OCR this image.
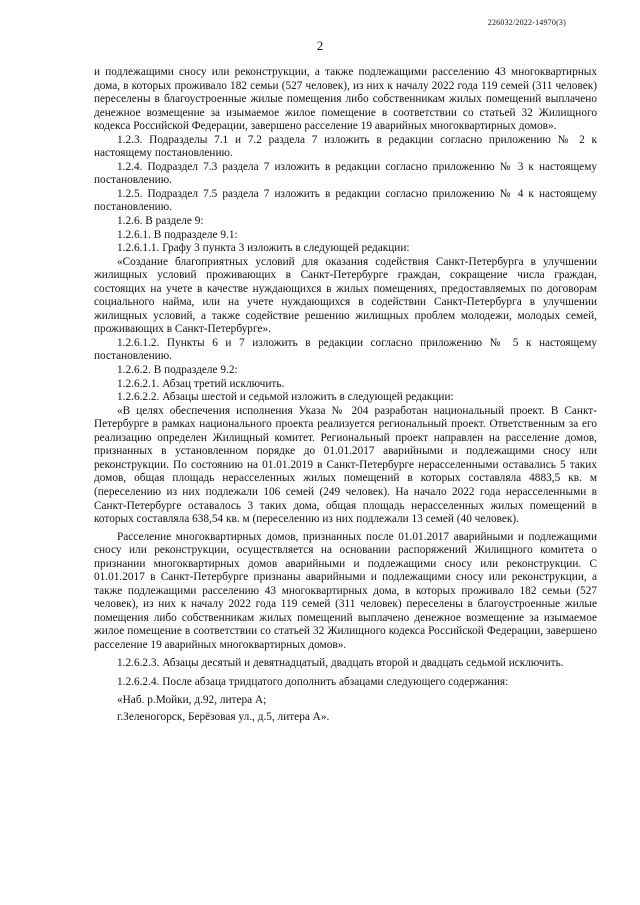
226032/2022-14970(3)
2

и подлежащими сносу или реконструкции, а также подлежащими расселению 43 многоквартирных дома, в которых проживало 182 семьи (527 человек), из них к началу 2022 года 119 семей (311 человек) переселены в благоустроенные жилые помещения либо собственникам жилых помещений выплачено денежное возмещение за изымаемое жилое помещение в соответствии со статьей 32 Жилищного кодекса Российской Федерации, завершено расселение 19 аварийных многоквартирных домов».

1.2.3. Подразделы 7.1 и 7.2 раздела 7 изложить в редакции согласно приложению № 2 к настоящему постановлению.

1.2.4. Подраздел 7.3 раздела 7 изложить в редакции согласно приложению № 3 к настоящему постановлению.

1.2.5. Подраздел 7.5 раздела 7 изложить в редакции согласно приложению № 4 к настоящему постановлению.

1.2.6. В разделе 9:

1.2.6.1. В подразделе 9.1:

1.2.6.1.1. Графу 3 пункта 3 изложить в следующей редакции:

«Создание благоприятных условий для оказания содействия Санкт-Петербурга в улучшении жилищных условий проживающих в Санкт-Петербурге граждан, сокращение числа граждан, состоящих на учете в качестве нуждающихся в жилых помещениях, предоставляемых по договорам социального найма, или на учете нуждающихся в содействии Санкт-Петербурга в улучшении жилищных условий, а также содействие решению жилищных проблем молодежи, молодых семей, проживающих в Санкт-Петербурге».

1.2.6.1.2. Пункты 6 и 7 изложить в редакции согласно приложению № 5 к настоящему постановлению.

1.2.6.2. В подразделе 9.2:

1.2.6.2.1. Абзац третий исключить.

1.2.6.2.2. Абзацы шестой и седьмой изложить в следующей редакции:

«В целях обеспечения исполнения Указа № 204 разработан национальный проект. В Санкт-Петербурге в рамках национального проекта реализуется региональный проект. Ответственным за его реализацию определен Жилищный комитет. Региональный проект направлен на расселение домов, признанных в установленном порядке до 01.01.2017 аварийными и подлежащими сносу или реконструкции. По состоянию на 01.01.2019 в Санкт-Петербурге нерасселенными оставались 5 таких домов, общая площадь нерасселенных жилых помещений в которых составляла 4883,5 кв. м (переселению из них подлежали 106 семей (249 человек). На начало 2022 года нерасселенными в Санкт-Петербурге оставалось 3 таких дома, общая площадь нерасселенных жилых помещений в которых составляла 638,54 кв. м (переселению из них подлежали 13 семей (40 человек).

Расселение многоквартирных домов, признанных после 01.01.2017 аварийными и подлежащими сносу или реконструкции, осуществляется на основании распоряжений Жилищного комитета о признании многоквартирных домов аварийными и подлежащими сносу или реконструкции. С 01.01.2017 в Санкт-Петербурге признаны аварийными и подлежащими сносу или реконструкции, а также подлежащими расселению 43 многоквартирных дома, в которых проживало 182 семьи (527 человек), из них к началу 2022 года 119 семей (311 человек) переселены в благоустроенные жилые помещения либо собственникам жилых помещений выплачено денежное возмещение за изымаемое жилое помещение в соответствии со статьей 32 Жилищного кодекса Российской Федерации, завершено расселение 19 аварийных многоквартирных домов».

1.2.6.2.3. Абзацы десятый и девятнадцатый, двадцать второй и двадцать седьмой исключить.

1.2.6.2.4. После абзаца тридцатого дополнить абзацами следующего содержания:

«Наб. р.Мойки, д.92, литера А;

г.Зеленогорск, Берёзовая ул., д.5, литера А».
